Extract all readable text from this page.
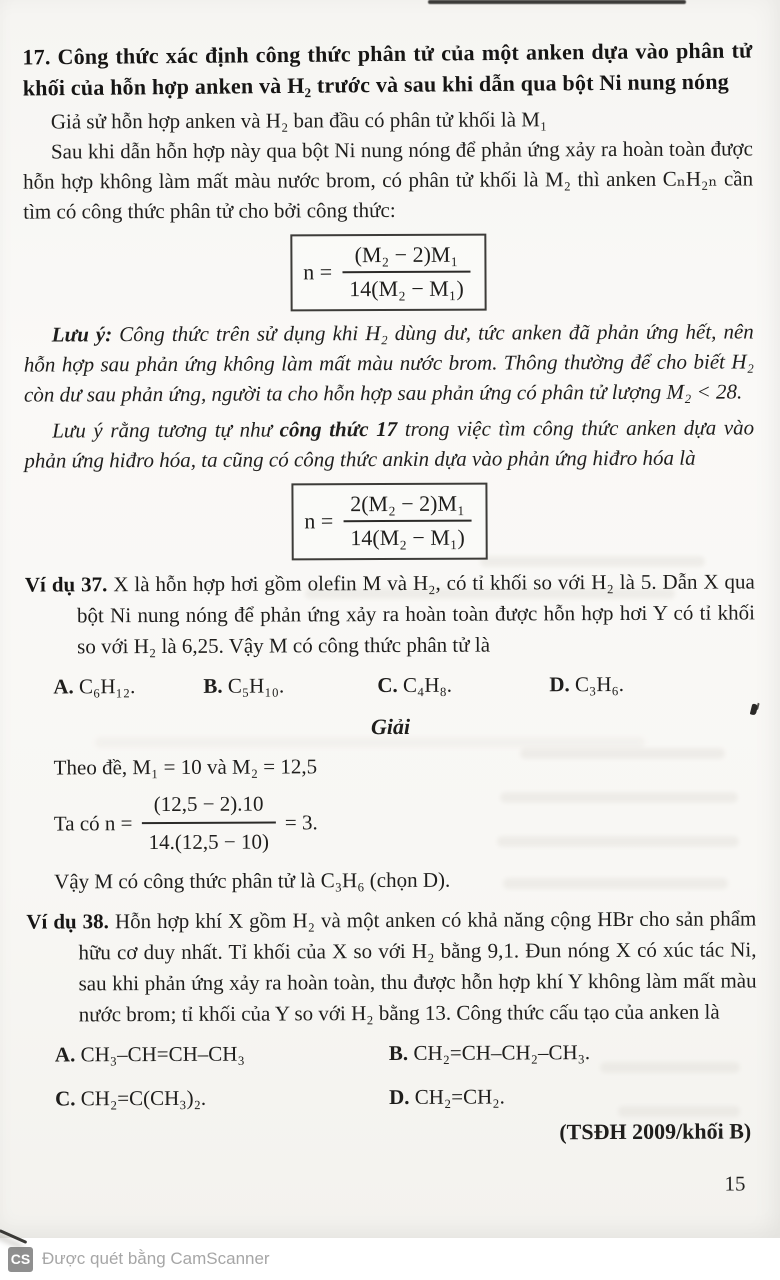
17. Công thức xác định công thức phân tử của một anken dựa vào phân tử khối của hỗn hợp anken và H₂ trước và sau khi dẫn qua bột Ni nung nóng

Giả sử hỗn hợp anken và H₂ ban đầu có phân tử khối là M₁

Sau khi dẫn hỗn hợp này qua bột Ni nung nóng để phản ứng xảy ra hoàn toàn được hỗn hợp không làm mất màu nước brom, có phân tử khối là M₂ thì anken CₙH₂ₙ cần tìm có công thức phân tử cho bởi công thức:

$n = \frac{\text{(M₂ − 2)M₁}}{\text{14(M₂ − M₁)}}$

Lưu ý: Công thức trên sử dụng khi H₂ dùng dư, tức anken đã phản ứng hết, nên hỗn hợp sau phản ứng không làm mất màu nước brom. Thông thường để cho biết H₂ còn dư sau phản ứng, người ta cho hỗn hợp sau phản ứng có phân tử lượng M₂ < 28.

Lưu ý rằng tương tự như công thức 17 trong việc tìm công thức anken dựa vào phản ứng hiđro hóa, ta cũng có công thức ankin dựa vào phản ứng hiđro hóa là

$n = \frac{\text{2(M₂ − 2)M₁}}{\text{14(M₂ − M₁)}}$

Ví dụ 37. X là hỗn hợp hơi gồm olefin M và H₂, có tỉ khối so với H₂ là 5. Dẫn X qua bột Ni nung nóng để phản ứng xảy ra hoàn toàn được hỗn hợp hơi Y có tỉ khối so với H₂ là 6,25. Vậy M có công thức phân tử là

A. C₆H₁₂.	B. C₅H₁₀.	C. C₄H₈.	D. C₃H₆.
Giải

Theo đề, M₁ = 10 và M₂ = 12,5

Ta có $n = \frac{(12,5 - 2).10}{14.(12,5 - 10)} = 3$.

Vậy M có công thức phân tử là C₃H₆ (chọn D).

Ví dụ 38. Hỗn hợp khí X gồm H₂ và một anken có khả năng cộng HBr cho sản phẩm hữu cơ duy nhất. Tỉ khối của X so với H₂ bằng 9,1. Đun nóng X có xúc tác Ni, sau khi phản ứng xảy ra hoàn toàn, thu được hỗn hợp khí Y không làm mất màu nước brom; tỉ khối của Y so với H₂ bằng 13. Công thức cấu tạo của anken là

A. CH₃–CH=CH–CH₃	B. CH₂=CH–CH₂–CH₃.
C. CH₂=C(CH₃)₂.	D. CH₂=CH₂.
(TSĐH 2009/khối B)
15
CS Được quét bằng CamScanner
